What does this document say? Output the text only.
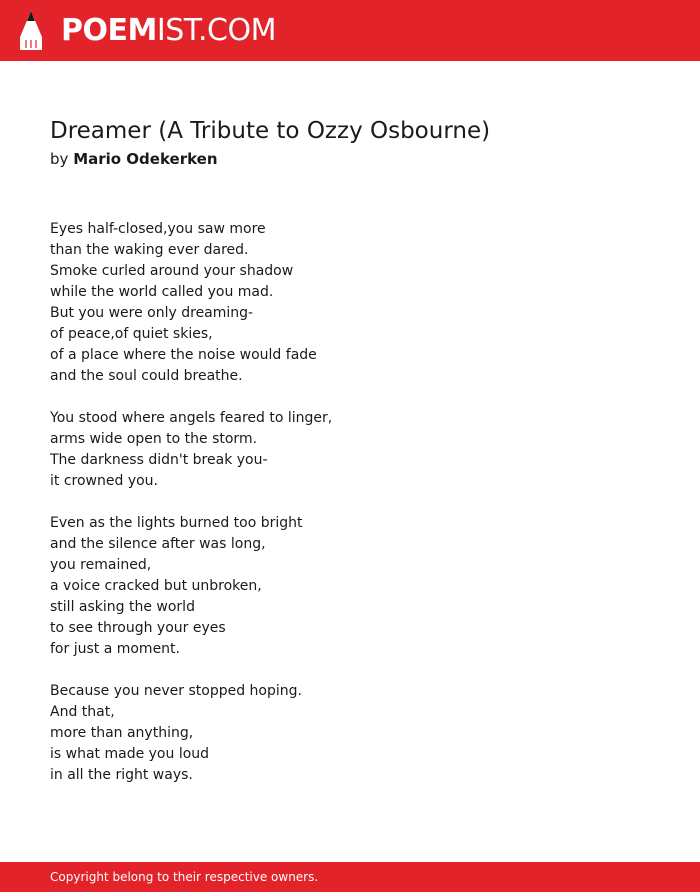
POEMIST.COM
Dreamer (A Tribute to Ozzy Osbourne)
by Mario Odekerken
Eyes half-closed,you saw more
than the waking ever dared.
Smoke curled around your shadow
while the world called you mad.
But you were only dreaming-
of peace,of quiet skies,
of a place where the noise would fade
and the soul could breathe.
You stood where angels feared to linger,
arms wide open to the storm.
The darkness didn't break you-
it crowned you.
Even as the lights burned too bright
and the silence after was long,
you remained,
a voice cracked but unbroken,
still asking the world
to see through your eyes
for just a moment.
Because you never stopped hoping.
And that,
more than anything,
is what made you loud
in all the right ways.
Copyright belong to their respective owners.
